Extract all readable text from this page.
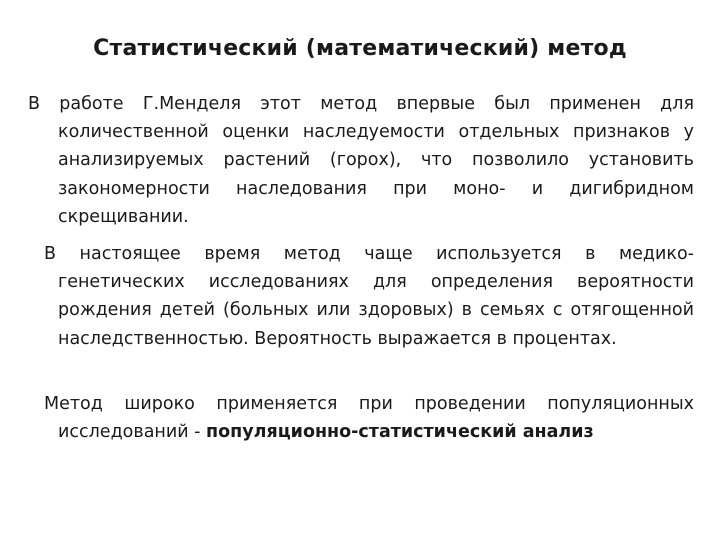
Статистический (математический) метод

В работе Г.Менделя этот метод впервые был применен для количественной оценки наследуемости отдельных признаков у анализируемых растений (горох), что позволило установить закономерности наследования при моно- и дигибридном скрещивании.

В настоящее время метод чаще используется в медико-генетических исследованиях для определения вероятности рождения детей (больных или здоровых) в семьях с отягощенной наследственностью. Вероятность выражается в процентах.

Метод широко применяется при проведении популяционных исследований - популяционно-статистический анализ
